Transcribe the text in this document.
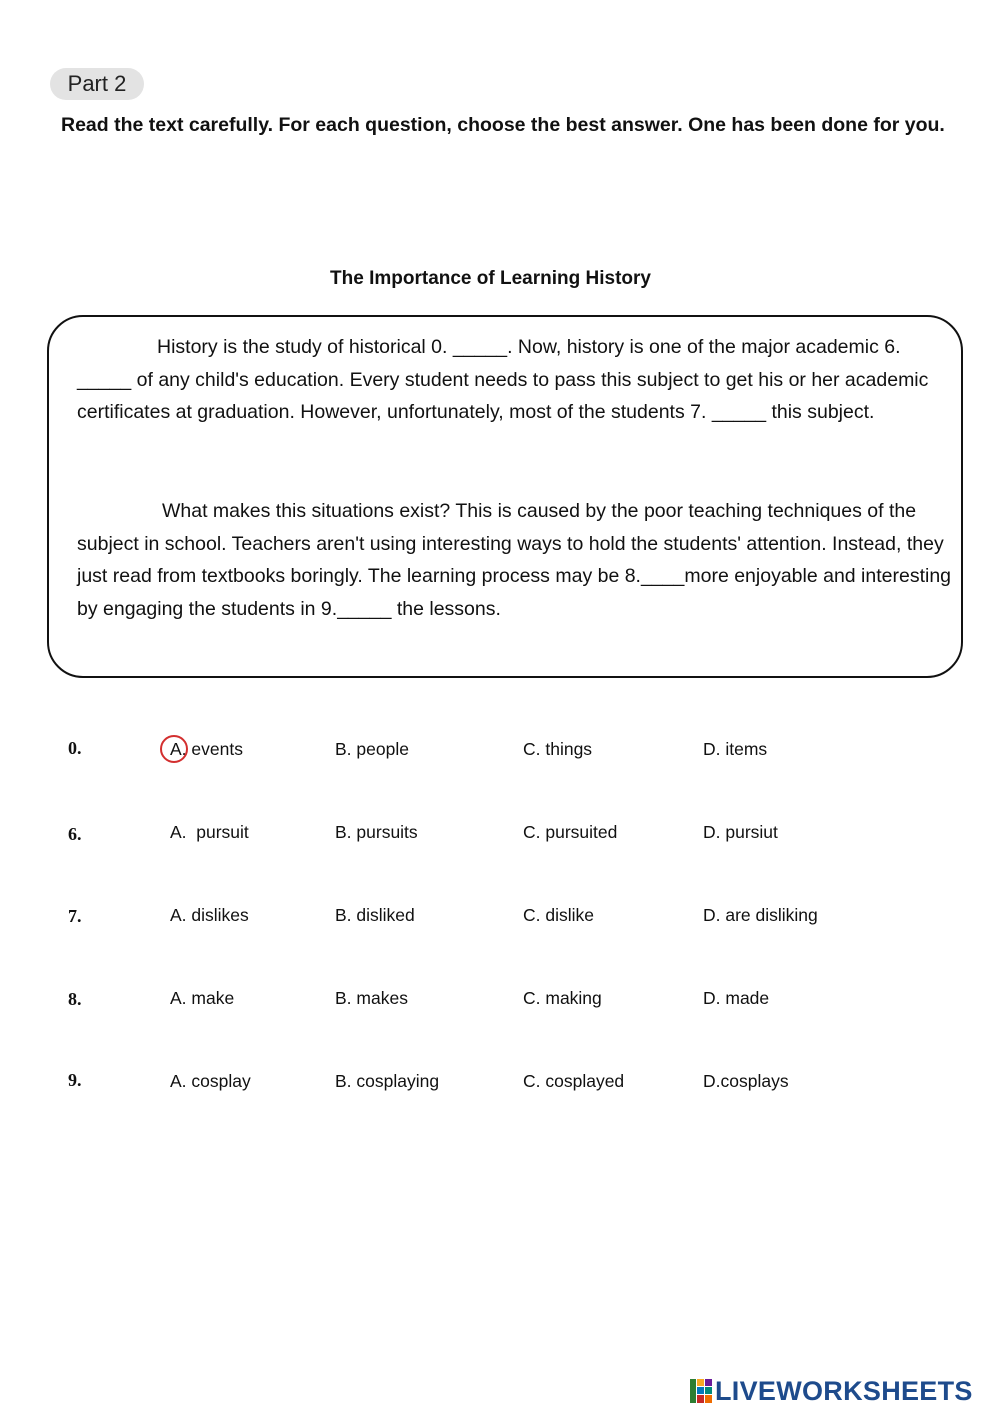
Part 2
Read the text carefully. For each question, choose the best answer. One has been done for you.
The Importance of Learning History

History is the study of historical 0. _____. Now, history is one of the major academic 6. _____ of any child's education. Every student needs to pass this subject to get his or her academic certificates at graduation. However, unfortunately, most of the students 7. _____ this subject.

What makes this situations exist? This is caused by the poor teaching techniques of the subject in school. Teachers aren't using interesting ways to hold the students' attention. Instead, they just read from textbooks boringly. The learning process may be 8.____more enjoyable and interesting by engaging the students in 9._____ the lessons.

0.	A. events	B. people	C. things	D. items
6.	A.  pursuit	B. pursuits	C. pursuited	D. pursiut
7.	A. dislikes	B. disliked	C. dislike	D. are disliking
8.	A. make	B. makes	C. making	D. made
9.	A. cosplay	B. cosplaying	C. cosplayed	D.cosplays
LIVEWORKSHEETS
